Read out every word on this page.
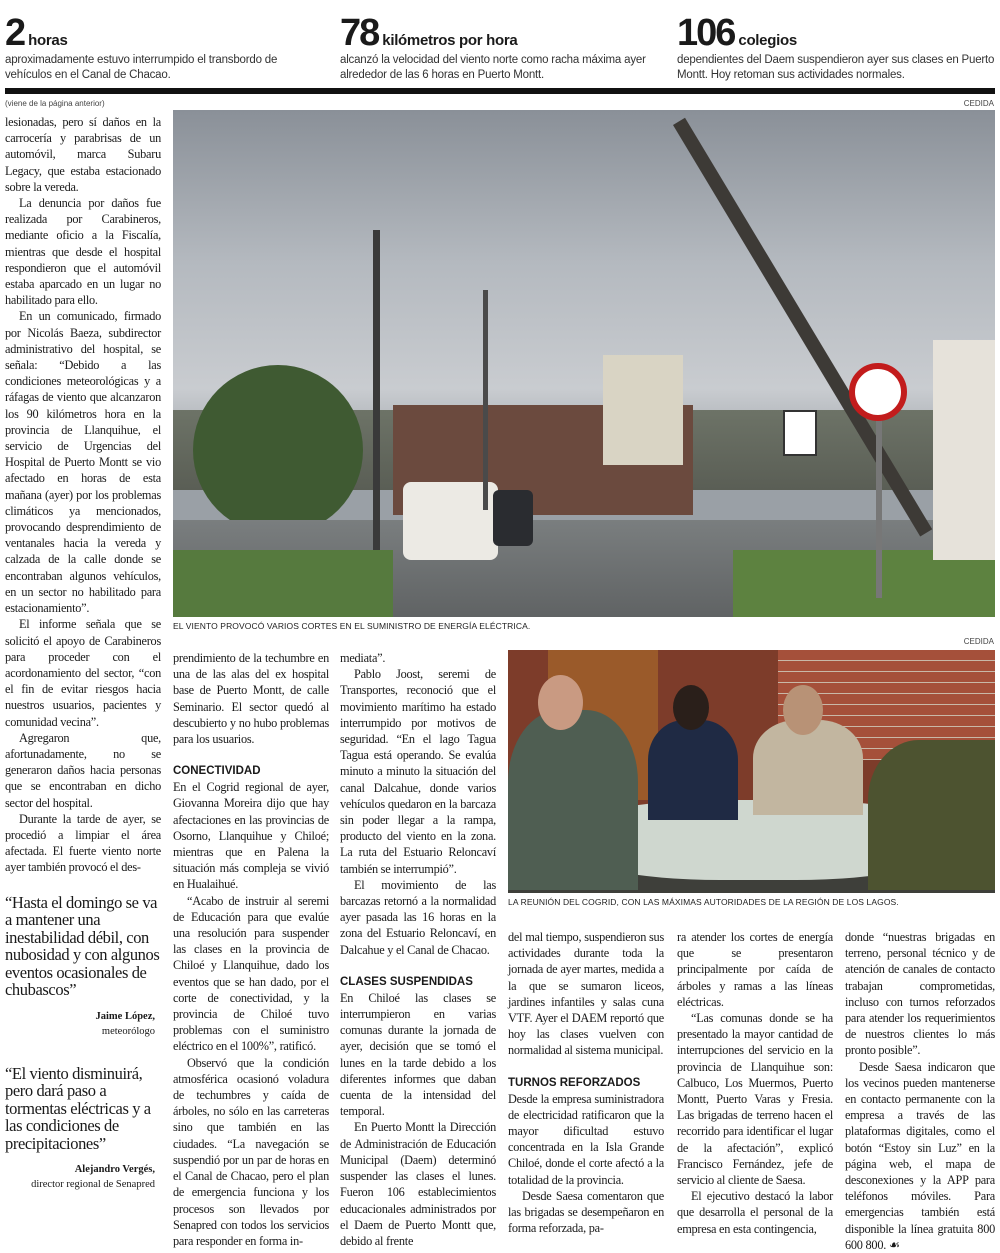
2 horas
aproximadamente estuvo interrumpido el transbordo de vehículos en el Canal de Chacao.
78 kilómetros por hora
alcanzó la velocidad del viento norte como racha máxima ayer alrededor de las 6 horas en Puerto Montt.
106 colegios
dependientes del Daem suspendieron ayer sus clases en Puerto Montt. Hoy retoman sus actividades normales.
(viene de la página anterior)	CEDIDA
EL VIENTO PROVOCÓ VARIOS CORTES EN EL SUMINISTRO DE ENERGÍA ELÉCTRICA.
CEDIDA
LA REUNIÓN DEL COGRID, CON LAS MÁXIMAS AUTORIDADES DE LA REGIÓN DE LOS LAGOS.

lesionadas, pero sí daños en la carrocería y parabrisas de un automóvil, marca Subaru Legacy, que estaba estacionado sobre la vereda.

La denuncia por daños fue realizada por Carabineros, mediante oficio a la Fiscalía, mientras que desde el hospital respondieron que el automóvil estaba aparcado en un lugar no habilitado para ello.

En un comunicado, firmado por Nicolás Baeza, subdirector administrativo del hospital, se señala: “Debido a las condiciones meteorológicas y a ráfagas de viento que alcanzaron los 90 kilómetros hora en la provincia de Llanquihue, el servicio de Urgencias del Hospital de Puerto Montt se vio afectado en horas de esta mañana (ayer) por los problemas climáticos ya mencionados, provocando desprendimiento de ventanales hacia la vereda y calzada de la calle donde se encontraban algunos vehículos, en un sector no habilitado para estacionamiento”.

El informe señala que se solicitó el apoyo de Carabineros para proceder con el acordonamiento del sector, “con el fin de evitar riesgos hacia nuestros usuarios, pacientes y comunidad vecina”.

Agregaron que, afortunadamente, no se generaron daños hacia personas que se encontraban en dicho sector del hospital.

Durante la tarde de ayer, se procedió a limpiar el área afectada. El fuerte viento norte ayer también provocó el des-

“Hasta el domingo se va a mantener una inestabilidad débil, con nubosidad y con algunos eventos ocasionales de chubascos”
Jaime López,
meteorólogo
“El viento disminuirá, pero dará paso a tormentas eléctricas y a las condiciones de precipitaciones”
Alejandro Vergés,
director regional de Senapred

prendimiento de la techumbre en una de las alas del ex hospital base de Puerto Montt, de calle Seminario. El sector quedó al descubierto y no hubo problemas para los usuarios.

CONECTIVIDAD

En el Cogrid regional de ayer, Giovanna Moreira dijo que hay afectaciones en las provincias de Osorno, Llanquihue y Chiloé; mientras que en Palena la situación más compleja se vivió en Hualaihué.

“Acabo de instruir al seremi de Educación para que evalúe una resolución para suspender las clases en la provincia de Chiloé y Llanquihue, dado los eventos que se han dado, por el corte de conectividad, y la provincia de Chiloé tuvo problemas con el suministro eléctrico en el 100%”, ratificó.

Observó que la condición atmosférica ocasionó voladura de techumbres y caída de árboles, no sólo en las carreteras sino que también en las ciudades. “La navegación se suspendió por un par de horas en el Canal de Chacao, pero el plan de emergencia funciona y los procesos son llevados por Senapred con todos los servicios para responder en forma in-

mediata”.

Pablo Joost, seremi de Transportes, reconoció que el movimiento marítimo ha estado interrumpido por motivos de seguridad. “En el lago Tagua Tagua está operando. Se evalúa minuto a minuto la situación del canal Dalcahue, donde varios vehículos quedaron en la barcaza sin poder llegar a la rampa, producto del viento en la zona. La ruta del Estuario Reloncaví también se interrumpió”.

El movimiento de las barcazas retornó a la normalidad ayer pasada las 16 horas en la zona del Estuario Reloncaví, en Dalcahue y el Canal de Chacao.

CLASES SUSPENDIDAS

En Chiloé las clases se interrumpieron en varias comunas durante la jornada de ayer, decisión que se tomó el lunes en la tarde debido a los diferentes informes que daban cuenta de la intensidad del temporal.

En Puerto Montt la Dirección de Administración de Educación Municipal (Daem) determinó suspender las clases el lunes. Fueron 106 establecimientos educacionales administrados por el Daem de Puerto Montt que, debido al frente

del mal tiempo, suspendieron sus actividades durante toda la jornada de ayer martes, medida a la que se sumaron liceos, jardines infantiles y salas cuna VTF. Ayer el DAEM reportó que hoy las clases vuelven con normalidad al sistema municipal.

TURNOS REFORZADOS

Desde la empresa suministradora de electricidad ratificaron que la mayor dificultad estuvo concentrada en la Isla Grande Chiloé, donde el corte afectó a la totalidad de la provincia.

Desde Saesa comentaron que las brigadas se desempeñaron en forma reforzada, pa-

ra atender los cortes de energía que se presentaron principalmente por caída de árboles y ramas a las líneas eléctricas.

“Las comunas donde se ha presentado la mayor cantidad de interrupciones del servicio en la provincia de Llanquihue son: Calbuco, Los Muermos, Puerto Montt, Puerto Varas y Fresia. Las brigadas de terreno hacen el recorrido para identificar el lugar de la afectación”, explicó Francisco Fernández, jefe de servicio al cliente de Saesa.

El ejecutivo destacó la labor que desarrolla el personal de la empresa en esta contingencia,

donde “nuestras brigadas en terreno, personal técnico y de atención de canales de contacto trabajan comprometidas, incluso con turnos reforzados para atender los requerimientos de nuestros clientes lo más pronto posible”.

Desde Saesa indicaron que los vecinos pueden mantenerse en contacto permanente con la empresa a través de las plataformas digitales, como el botón “Estoy sin Luz” en la página web, el mapa de desconexiones y la APP para teléfonos móviles. Para emergencias también está disponible la línea gratuita 800 600 800. ☙
